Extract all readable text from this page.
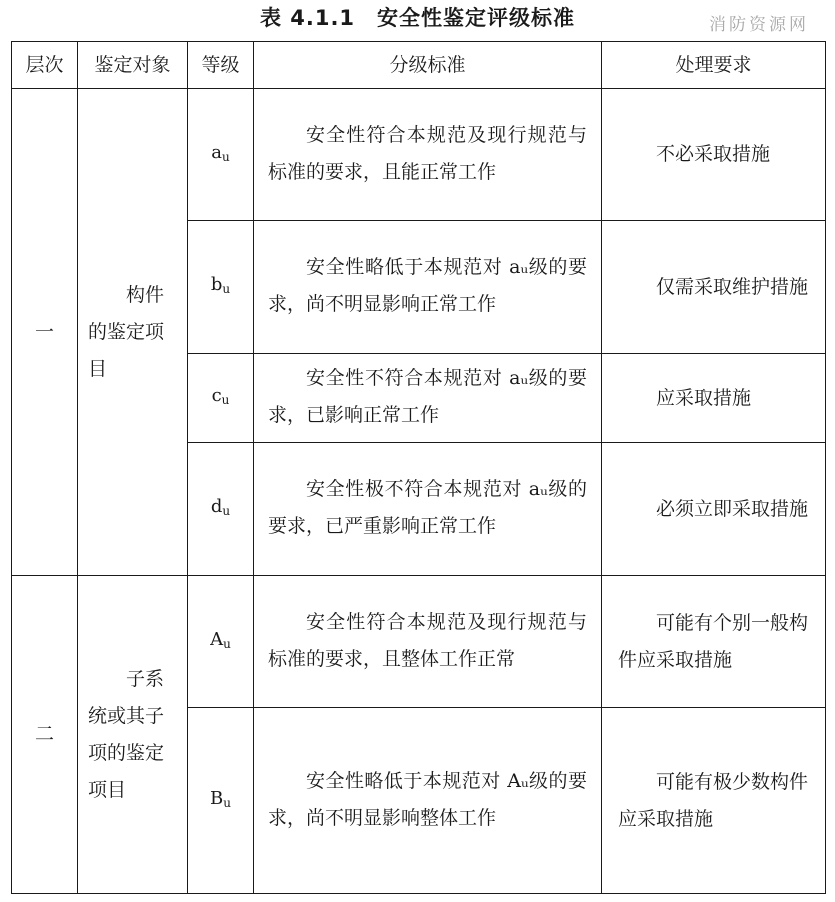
表 4.1.1　安全性鉴定评级标准	消防资源网
层次	鉴定对象	等级	分级标准	处理要求
一	构件的鉴定项目	$a_u$	安全性符合本规范及现行规范与标准的要求，且能正常工作	不必采取措施

		$b_u$	安全性略低于本规范对 aᵤ级的要求，尚不明显影响正常工作	仅需采取维护措施

		$c_u$	安全性不符合本规范对 aᵤ级的要求，已影响正常工作	应采取措施

		$d_u$	安全性极不符合本规范对 aᵤ级的要求，已严重影响正常工作	必须立即采取措施

二	子系统或其子项的鉴定项目	$A_u$	安全性符合本规范及现行规范与标准的要求，且整体工作正常	可能有个别一般构件应采取措施

		$B_u$	安全性略低于本规范对 Aᵤ级的要求，尚不明显影响整体工作	可能有极少数构件应采取措施
